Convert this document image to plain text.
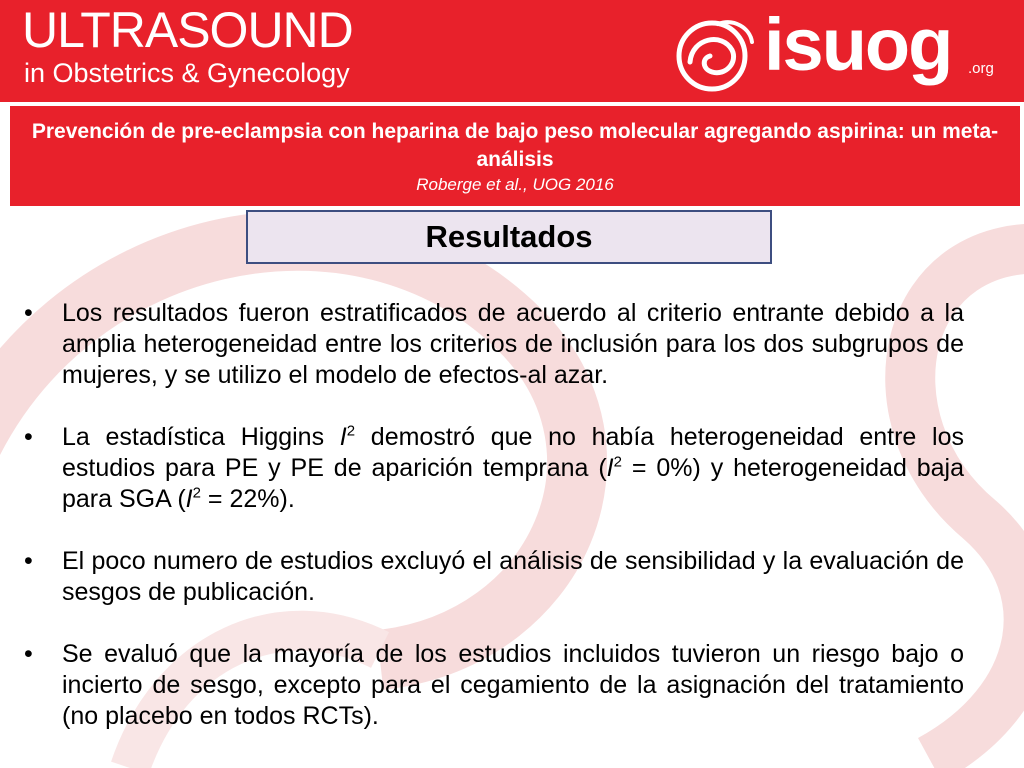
ULTRASOUND
in Obstetrics & Gynecology	isuog .org
Prevención de pre-eclampsia con heparina de bajo peso molecular agregando aspirina: un meta-análisis
Roberge et al., UOG 2016
Resultados
•	Los resultados fueron estratificados de acuerdo al criterio entrante debido a la amplia heterogeneidad entre los criterios de inclusión para los dos subgrupos de mujeres, y se utilizo el modelo de efectos-al azar.
•	La estadística Higgins $I^2$ demostró que no había heterogeneidad entre los estudios para PE y PE de aparición temprana $(I^2 = 0\%)$ y heterogeneidad baja para SGA $(I^2 = 22\%)$.
•	El poco numero de estudios excluyó el análisis de sensibilidad y la evaluación de sesgos de publicación.
•	Se evaluó que la mayoría de los estudios incluidos tuvieron un riesgo bajo o incierto de sesgo, excepto para el cegamiento de la asignación del tratamiento (no placebo en todos RCTs).
